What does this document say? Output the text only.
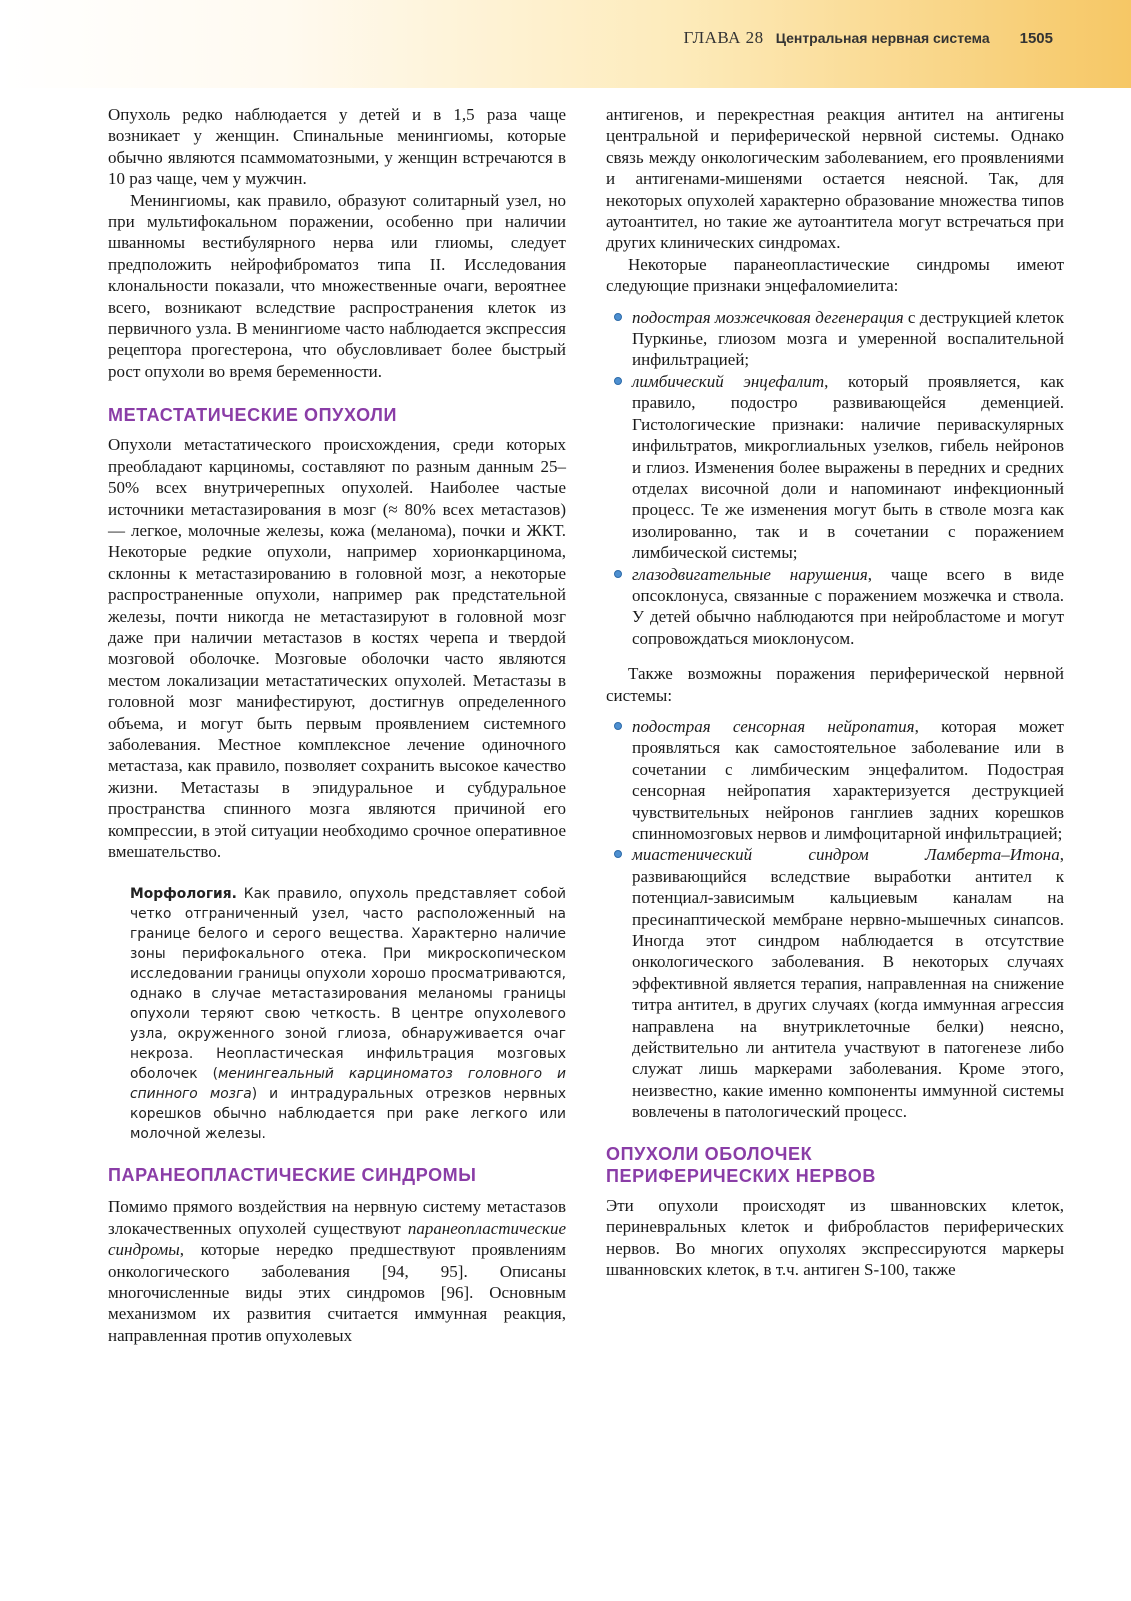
ГЛАВА 28 Центральная нервная система 1505

Опухоль редко наблюдается у детей и в 1,5 раза чаще возникает у женщин. Спинальные менингиомы, которые обычно являются псаммоматозными, у женщин встречаются в 10 раз чаще, чем у мужчин.

Менингиомы, как правило, образуют солитарный узел, но при мультифокальном поражении, особенно при наличии шванномы вестибулярного нерва или глиомы, следует предположить нейрофиброматоз типа II. Исследования клональности показали, что множественные очаги, вероятнее всего, возникают вследствие распространения клеток из первичного узла. В менингиоме часто наблюдается экспрессия рецептора прогестерона, что обусловливает более быстрый рост опухоли во время беременности.

МЕТАСТАТИЧЕСКИЕ ОПУХОЛИ

Опухоли метастатического происхождения, среди которых преобладают карциномы, составляют по разным данным 25–50% всех внутричерепных опухолей. Наиболее частые источники метастазирования в мозг (≈ 80% всех метастазов) — легкое, молочные железы, кожа (меланома), почки и ЖКТ. Некоторые редкие опухоли, например хорионкарцинома, склонны к метастазированию в головной мозг, а некоторые распространенные опухоли, например рак предстательной железы, почти никогда не метастазируют в головной мозг даже при наличии метастазов в костях черепа и твердой мозговой оболочке. Мозговые оболочки часто являются местом локализации метастатических опухолей. Метастазы в головной мозг манифестируют, достигнув определенного объема, и могут быть первым проявлением системного заболевания. Местное комплексное лечение одиночного метастаза, как правило, позволяет сохранить высокое качество жизни. Метастазы в эпидуральное и субдуральное пространства спинного мозга являются причиной его компрессии, в этой ситуации необходимо срочное оперативное вмешательство.

Морфология. Как правило, опухоль представляет собой четко отграниченный узел, часто расположенный на границе белого и серого вещества. Характерно наличие зоны перифокального отека. При микроскопическом исследовании границы опухоли хорошо просматриваются, однако в случае метастазирования меланомы границы опухоли теряют свою четкость. В центре опухолевого узла, окруженного зоной глиоза, обнаруживается очаг некроза. Неопластическая инфильтрация мозговых оболочек (менингеальный карциноматоз головного и спинного мозга) и интрадуральных отрезков нервных корешков обычно наблюдается при раке легкого или молочной железы.
ПАРАНЕОПЛАСТИЧЕСКИЕ СИНДРОМЫ

Помимо прямого воздействия на нервную систему метастазов злокачественных опухолей существуют паранеопластические синдромы, которые нередко предшествуют проявлениям онкологического заболевания [94, 95]. Описаны многочисленные виды этих синдромов [96]. Основным механизмом их развития считается иммунная реакция, направленная против опухолевых

антигенов, и перекрестная реакция антител на антигены центральной и периферической нервной системы. Однако связь между онкологическим заболеванием, его проявлениями и антигенами-мишенями остается неясной. Так, для некоторых опухолей характерно образование множества типов аутоантител, но такие же аутоантитела могут встречаться при других клинических синдромах.

Некоторые паранеопластические синдромы имеют следующие признаки энцефаломиелита:

подострая мозжечковая дегенерация с деструкцией клеток Пуркинье, глиозом мозга и умеренной воспалительной инфильтрацией;
лимбический энцефалит, который проявляется, как правило, подостро развивающейся деменцией. Гистологические признаки: наличие периваскулярных инфильтратов, микроглиальных узелков, гибель нейронов и глиоз. Изменения более выражены в передних и средних отделах височной доли и напоминают инфекционный процесс. Те же изменения могут быть в стволе мозга как изолированно, так и в сочетании с поражением лимбической системы;
глазодвигательные нарушения, чаще всего в виде опсоклонуса, связанные с поражением мозжечка и ствола. У детей обычно наблюдаются при нейробластоме и могут сопровождаться миоклонусом.

Также возможны поражения периферической нервной системы:

подострая сенсорная нейропатия, которая может проявляться как самостоятельное заболевание или в сочетании с лимбическим энцефалитом. Подострая сенсорная нейропатия характеризуется деструкцией чувствительных нейронов ганглиев задних корешков спинномозговых нервов и лимфоцитарной инфильтрацией;
миастенический синдром Ламберта–Итона, развивающийся вследствие выработки антител к потенциал-зависимым кальциевым каналам на пресинаптической мембране нервно-мышечных синапсов. Иногда этот синдром наблюдается в отсутствие онкологического заболевания. В некоторых случаях эффективной является терапия, направленная на снижение титра антител, в других случаях (когда иммунная агрессия направлена на внутриклеточные белки) неясно, действительно ли антитела участвуют в патогенезе либо служат лишь маркерами заболевания. Кроме этого, неизвестно, какие именно компоненты иммунной системы вовлечены в патологический процесс.
ОПУХОЛИ ОБОЛОЧЕК
ПЕРИФЕРИЧЕСКИХ НЕРВОВ

Эти опухоли происходят из шванновских клеток, периневральных клеток и фибробластов периферических нервов. Во многих опухолях экспрессируются маркеры шванновских клеток, в т.ч. антиген S-100, также
